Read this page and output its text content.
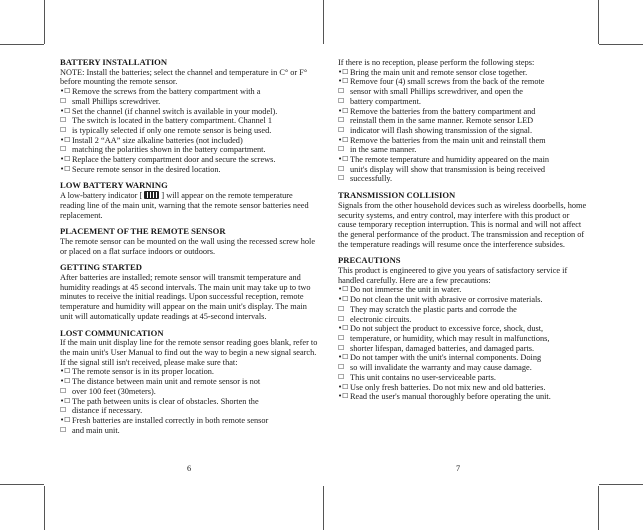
BATTERY INSTALLATION

NOTE: Install the batteries; select the channel and temperature in C° or F° before mounting the remote sensor.

•☐ Remove the screws from the battery compartment with a
☐ small Phillips screwdriver.
•☐ Set the channel (if channel switch is available in your model).
☐ The switch is located in the battery compartment. Channel 1
☐ is typically selected if only one remote sensor is being used.
•☐ Install 2 “AA” size alkaline batteries (not included)
☐ matching the polarities shown in the battery compartment.
•☐ Replace the battery compartment door and secure the screws.
•☐ Secure remote sensor in the desired location.

LOW BATTERY WARNING

A low-battery indicator [ ] will appear on the remote temperature reading line of the main unit, warning that the remote sensor batteries need replacement.

PLACEMENT OF THE REMOTE SENSOR

The remote sensor can be mounted on the wall using the recessed screw hole or placed on a flat surface indoors or outdoors.

GETTING STARTED

After batteries are installed; remote sensor will transmit temperature and humidity readings at 45 second intervals. The main unit may take up to two minutes to receive the initial readings. Upon successful reception, remote temperature and humidity will appear on the main unit's display. The main unit will automatically update readings at 45-second intervals.

LOST COMMUNICATION

If the main unit display line for the remote sensor reading goes blank, refer to the main unit's User Manual to find out the way to begin a new signal search. If the signal still isn't received, please make sure that:

•☐ The remote sensor is in its proper location.
•☐ The distance between main unit and remote sensor is not
☐ over 100 feet (30meters).
•☐ The path between units is clear of obstacles. Shorten the
☐ distance if necessary.
•☐ Fresh batteries are installed correctly in both remote sensor
☐ and main unit.
6

If there is no reception, please perform the following steps:

•☐ Bring the main unit and remote sensor close together.
•☐ Remove four (4) small screws from the back of the remote
☐ sensor with small Phillips screwdriver, and open the
☐ battery compartment.
•☐ Remove the batteries from the battery compartment and
☐ reinstall them in the same manner. Remote sensor LED
☐ indicator will flash showing transmission of the signal.
•☐ Remove the batteries from the main unit and reinstall them
☐ in the same manner.
•☐ The remote temperature and humidity appeared on the main
☐ unit's display will show that transmission is being received
☐ successfully.

TRANSMISSION COLLISION

Signals from the other household devices such as wireless doorbells, home security systems, and entry control, may interfere with this product or cause temporary reception interruption. This is normal and will not affect the general performance of the product. The transmission and reception of the temperature readings will resume once the interference subsides.

PRECAUTIONS

This product is engineered to give you years of satisfactory service if handled carefully. Here are a few precautions:

•☐ Do not immerse the unit in water.
•☐ Do not clean the unit with abrasive or corrosive materials.
☐ They may scratch the plastic parts and corrode the
☐ electronic circuits.
•☐ Do not subject the product to excessive force, shock, dust,
☐ temperature, or humidity, which may result in malfunctions,
☐ shorter lifespan, damaged batteries, and damaged parts.
•☐ Do not tamper with the unit's internal components. Doing
☐ so will invalidate the warranty and may cause damage.
☐ This unit contains no user-serviceable parts.
•☐ Use only fresh batteries. Do not mix new and old batteries.
•☐ Read the user's manual thoroughly before operating the unit.
7
